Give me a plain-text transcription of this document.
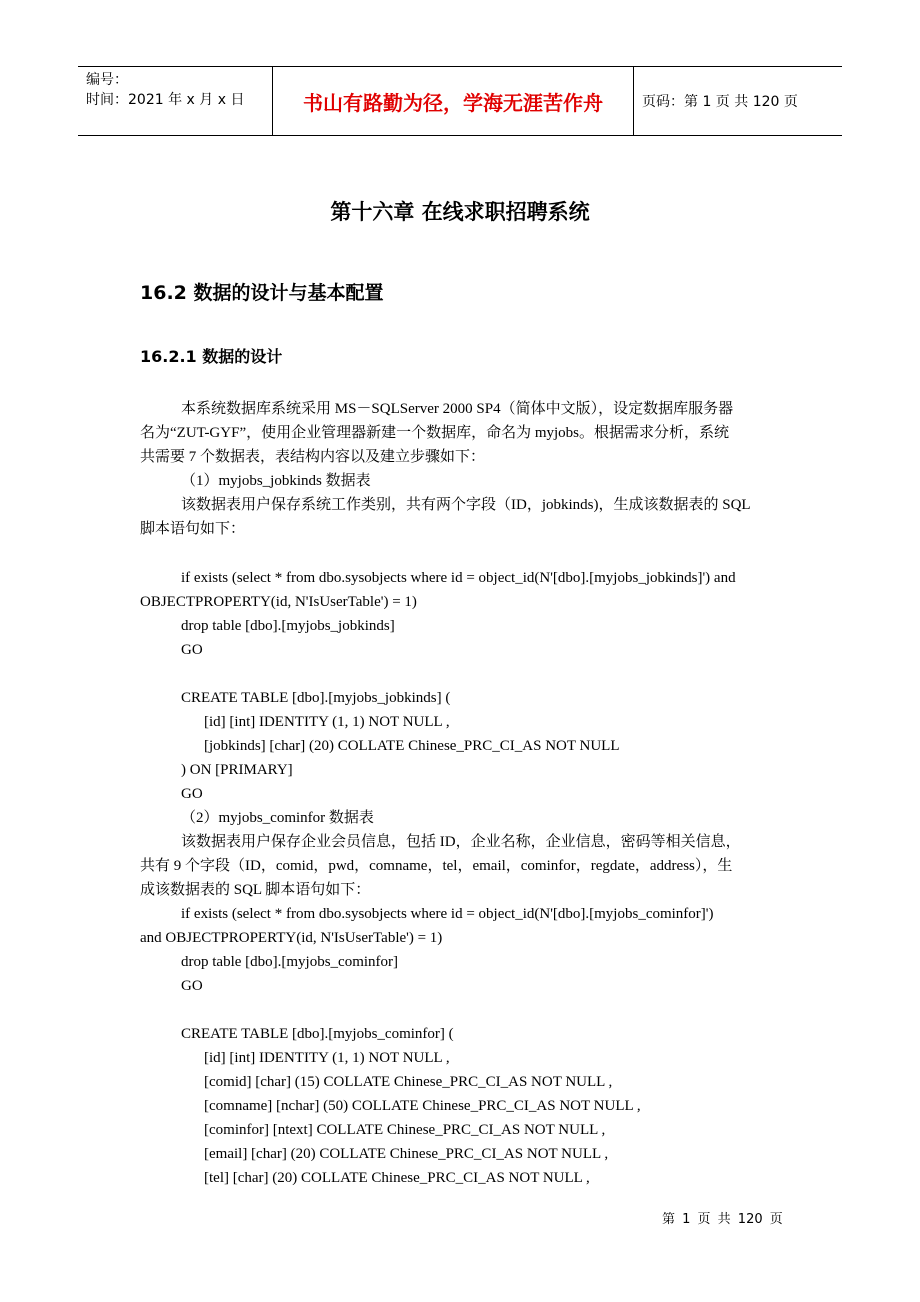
编号：
时间：2021 年 x 月 x 日	书山有路勤为径，学海无涯苦作舟	页码：第 1 页 共 120 页
第十六章 在线求职招聘系统
16.2 数据的设计与基本配置
16.2.1 数据的设计
本系统数据库系统采用 MS－SQLServer 2000 SP4（简体中文版），设定数据库服务器
名为“ZUT-GYF”，使用企业管理器新建一个数据库，命名为 myjobs。根据需求分析，系统
共需要 7 个数据表，表结构内容以及建立步骤如下：
（1）myjobs_jobkinds 数据表
该数据表用户保存系统工作类别，共有两个字段（ID，jobkinds)，生成该数据表的 SQL
脚本语句如下：
if exists (select * from dbo.sysobjects where id = object_id(N'[dbo].[myjobs_jobkinds]') and
OBJECTPROPERTY(id, N'IsUserTable') = 1)
drop table [dbo].[myjobs_jobkinds]
GO
CREATE TABLE [dbo].[myjobs_jobkinds] (
[id] [int] IDENTITY (1, 1) NOT NULL ,
[jobkinds] [char] (20) COLLATE Chinese_PRC_CI_AS NOT NULL
) ON [PRIMARY]
GO
（2）myjobs_cominfor 数据表
该数据表用户保存企业会员信息，包括 ID，企业名称，企业信息，密码等相关信息，
共有 9 个字段（ID，comid，pwd，comname，tel，email，cominfor，regdate，address），生
成该数据表的 SQL 脚本语句如下：
if exists (select * from dbo.sysobjects where id = object_id(N'[dbo].[myjobs_cominfor]')
and OBJECTPROPERTY(id, N'IsUserTable') = 1)
drop table [dbo].[myjobs_cominfor]
GO
CREATE TABLE [dbo].[myjobs_cominfor] (
[id] [int] IDENTITY (1, 1) NOT NULL ,
[comid] [char] (15) COLLATE Chinese_PRC_CI_AS NOT NULL ,
[comname] [nchar] (50) COLLATE Chinese_PRC_CI_AS NOT NULL ,
[cominfor] [ntext] COLLATE Chinese_PRC_CI_AS NOT NULL ,
[email] [char] (20) COLLATE Chinese_PRC_CI_AS NOT NULL ,
[tel] [char] (20) COLLATE Chinese_PRC_CI_AS NOT NULL ,
第 1 页 共 120 页
